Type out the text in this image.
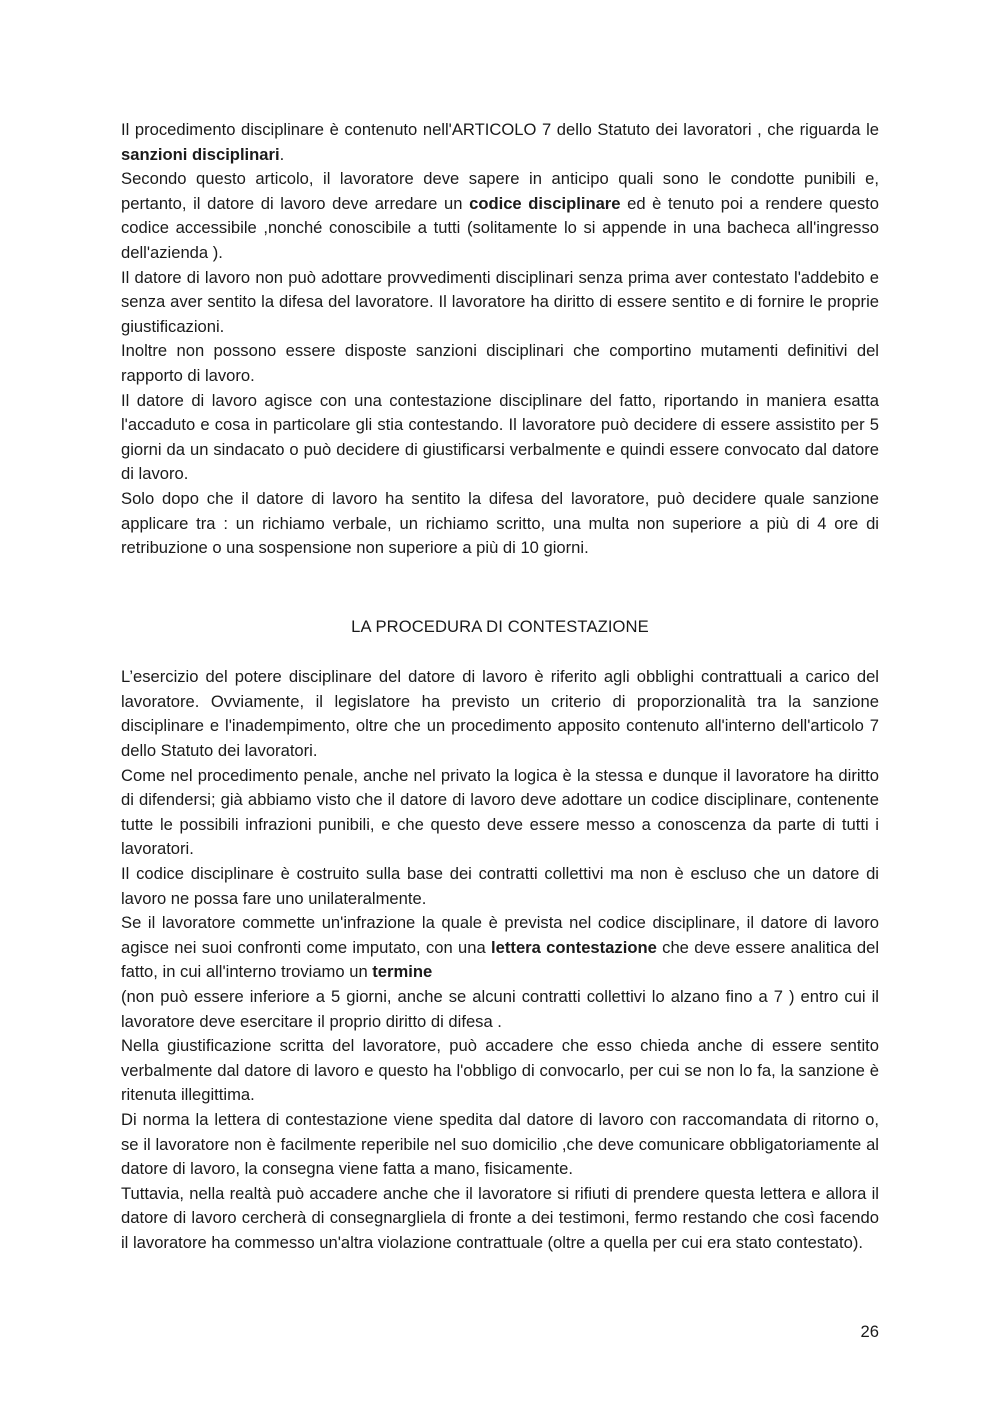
Il procedimento disciplinare è contenuto nell'ARTICOLO 7 dello Statuto dei lavoratori , che riguarda le sanzioni disciplinari.

Secondo questo articolo, il lavoratore deve sapere in anticipo quali sono le condotte punibili e, pertanto, il datore di lavoro deve arredare un codice disciplinare ed è tenuto poi a rendere questo codice accessibile ,nonché conoscibile a tutti (solitamente lo si appende in una bacheca all'ingresso dell'azienda ).

Il datore di lavoro non può adottare provvedimenti disciplinari senza prima aver contestato l'addebito e senza aver sentito la difesa del lavoratore. Il lavoratore ha diritto di essere sentito e di fornire le proprie giustificazioni.

Inoltre non possono essere disposte sanzioni disciplinari che comportino mutamenti definitivi del rapporto di lavoro.

Il datore di lavoro agisce con una contestazione disciplinare del fatto, riportando in maniera esatta l'accaduto e cosa in particolare gli stia contestando. Il lavoratore può decidere di essere assistito per 5 giorni da un sindacato o può decidere di giustificarsi verbalmente e quindi essere convocato dal datore di lavoro.

Solo dopo che il datore di lavoro ha sentito la difesa del lavoratore, può decidere quale sanzione applicare tra : un richiamo verbale, un richiamo scritto, una multa non superiore a più di 4 ore di retribuzione o una sospensione non superiore a più di 10 giorni.

LA PROCEDURA DI CONTESTAZIONE

L’esercizio del potere disciplinare del datore di lavoro è riferito agli obblighi contrattuali a carico del lavoratore. Ovviamente, il legislatore ha previsto un criterio di proporzionalità tra la sanzione disciplinare e l'inadempimento, oltre che un procedimento apposito contenuto all'interno dell'articolo 7 dello Statuto dei lavoratori.

Come nel procedimento penale, anche nel privato la logica è la stessa e dunque il lavoratore ha diritto di difendersi; già abbiamo visto che il datore di lavoro deve adottare un codice disciplinare, contenente tutte le possibili infrazioni punibili, e che questo deve essere messo a conoscenza da parte di tutti i lavoratori.

Il codice disciplinare è costruito sulla base dei contratti collettivi ma non è escluso che un datore di lavoro ne possa fare uno unilateralmente.

Se il lavoratore commette un'infrazione la quale è prevista nel codice disciplinare, il datore di lavoro agisce nei suoi confronti come imputato, con una lettera contestazione che deve essere analitica del fatto, in cui all'interno troviamo un termine

(non può essere inferiore a 5 giorni, anche se alcuni contratti collettivi lo alzano fino a 7 ) entro cui il lavoratore deve esercitare il proprio diritto di difesa .

Nella giustificazione scritta del lavoratore, può accadere che esso chieda anche di essere sentito verbalmente dal datore di lavoro e questo ha l'obbligo di convocarlo, per cui se non lo fa, la sanzione è ritenuta illegittima.

Di norma la lettera di contestazione viene spedita dal datore di lavoro con raccomandata di ritorno o, se il lavoratore non è facilmente reperibile nel suo domicilio ,che deve comunicare obbligatoriamente al datore di lavoro, la consegna viene fatta a mano, fisicamente.

Tuttavia, nella realtà può accadere anche che il lavoratore si rifiuti di prendere questa lettera e allora il datore di lavoro cercherà di consegnargliela di fronte a dei testimoni, fermo restando che così facendo il lavoratore ha commesso un'altra violazione contrattuale (oltre a quella per cui era stato contestato).

26
